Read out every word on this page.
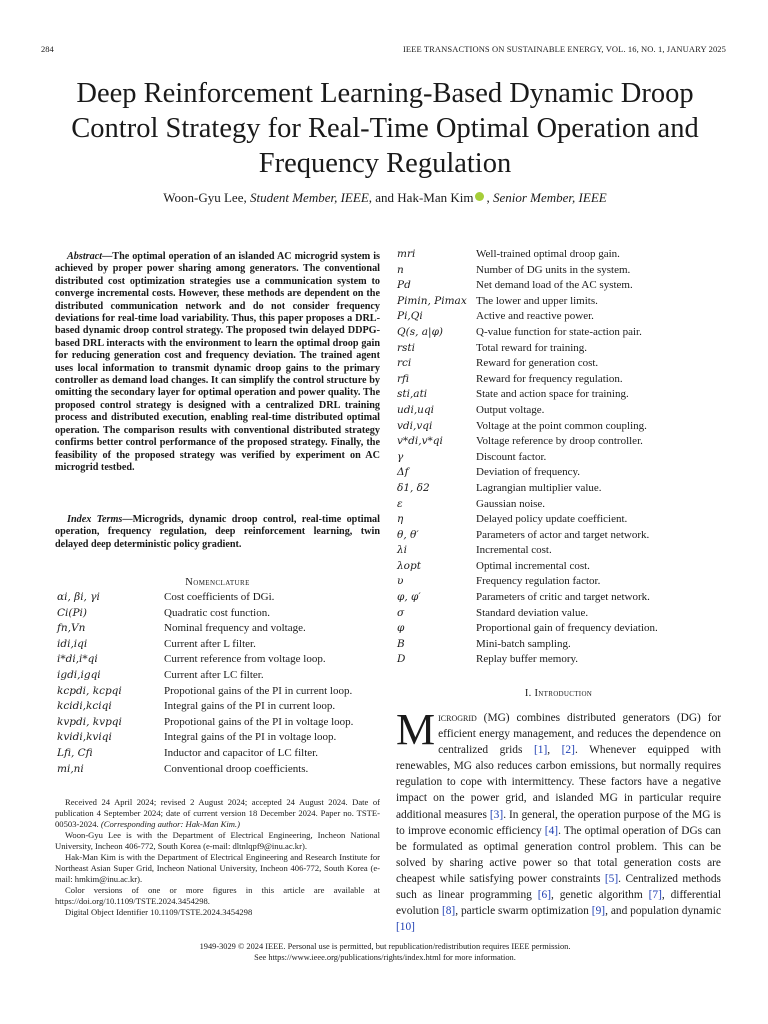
284	IEEE TRANSACTIONS ON SUSTAINABLE ENERGY, VOL. 16, NO. 1, JANUARY 2025
Deep Reinforcement Learning-Based Dynamic Droop Control Strategy for Real-Time Optimal Operation and Frequency Regulation
Woon-Gyu Lee, Student Member, IEEE, and Hak-Man Kim , Senior Member, IEEE

Abstract—The optimal operation of an islanded AC microgrid system is achieved by proper power sharing among generators. The conventional distributed cost optimization strategies use a communication system to converge incremental costs. However, these methods are dependent on the distributed communication network and do not consider frequency deviations for real-time load variability. Thus, this paper proposes a DRL-based dynamic droop control strategy. The proposed twin delayed DDPG-based DRL interacts with the environment to learn the optimal droop gain for reducing generation cost and frequency deviation. The trained agent uses local information to transmit dynamic droop gains to the primary controller as demand load changes. It can simplify the control structure by omitting the secondary layer for optimal operation and power quality. The proposed control strategy is designed with a centralized DRL training process and distributed execution, enabling real-time distributed optimal operation. The comparison results with conventional distributed strategy confirms better control performance of the proposed strategy. Finally, the feasibility of the proposed strategy was verified by experiment on AC microgrid testbed.

Index Terms—Microgrids, dynamic droop control, real-time optimal operation, frequency regulation, deep reinforcement learning, twin delayed deep deterministic policy gradient.

Nomenclature
αi, βi, γi	Cost coefficients of DGi.
Ci(Pi)	Quadratic cost function.
fn,Vn	Nominal frequency and voltage.
idi,iqi	Current after L filter.
i*di,i*qi	Current reference from voltage loop.
igdi,igqi	Current after LC filter.
kcpdi, kcpqi	Propotional gains of the PI in current loop.
kcidi,kciqi	Integral gains of the PI in current loop.
kvpdi, kvpqi	Propotional gains of the PI in voltage loop.
kvidi,kviqi	Integral gains of the PI in voltage loop.
Lfi, Cfi	Inductor and capacitor of LC filter.
mi,ni	Conventional droop coefficients.
mri	Well-trained optimal droop gain.
n	Number of DG units in the system.
Pd	Net demand load of the AC system.
Pimin, Pimax	The lower and upper limits.
Pi,Qi	Active and reactive power.
Q(s, a|φ)	Q-value function for state-action pair.
rsti	Total reward for training.
rci	Reward for generation cost.
rfi	Reward for frequency regulation.
sti,ati	State and action space for training.
udi,uqi	Output voltage.
vdi,vqi	Voltage at the point common coupling.
v*di,v*qi	Voltage reference by droop controller.
γ	Discount factor.
Δf	Deviation of frequency.
δ1, δ2	Lagrangian multiplier value.
ε	Gaussian noise.
η	Delayed policy update coefficient.
θ, θ′	Parameters of actor and target network.
λi	Incremental cost.
λopt	Optimal incremental cost.
υ	Frequency regulation factor.
φ, φ′	Parameters of critic and target network.
σ	Standard deviation value.
φ	Proportional gain of frequency deviation.
B	Mini-batch sampling.
D	Replay buffer memory.

Received 24 April 2024; revised 2 August 2024; accepted 24 August 2024. Date of publication 4 September 2024; date of current version 18 December 2024. Paper no. TSTE-00503-2024. (Corresponding author: Hak-Man Kim.)

Woon-Gyu Lee is with the Department of Electrical Engineering, Incheon National University, Incheon 406-772, South Korea (e-mail: dltnlqpf9@inu.ac.kr).

Hak-Man Kim is with the Department of Electrical Engineering and Research Institute for Northeast Asian Super Grid, Incheon National University, Incheon 406-772, South Korea (e-mail: hmkim@inu.ac.kr).

Color versions of one or more figures in this article are available at https://doi.org/10.1109/TSTE.2024.3454298.

Digital Object Identifier 10.1109/TSTE.2024.3454298

I. Introduction

Microgrid (MG) combines distributed generators (DG) for efficient energy management, and reduces the dependence on centralized grids [1], [2]. Whenever equipped with renewables, MG also reduces carbon emissions, but normally requires regulation to cope with intermittency. These factors have a negative impact on the power grid, and islanded MG in particular require additional measures [3]. In general, the operation purpose of the MG is to improve economic efficiency [4]. The optimal operation of DGs can be formulated as optimal generation control problem. This can be solved by sharing active power so that total generation costs are cheapest while satisfying power constraints [5]. Centralized methods such as linear programming [6], genetic algorithm [7], differential evolution [8], particle swarm optimization [9], and population dynamic [10]

1949-3029 © 2024 IEEE. Personal use is permitted, but republication/redistribution requires IEEE permission.
See https://www.ieee.org/publications/rights/index.html for more information.
